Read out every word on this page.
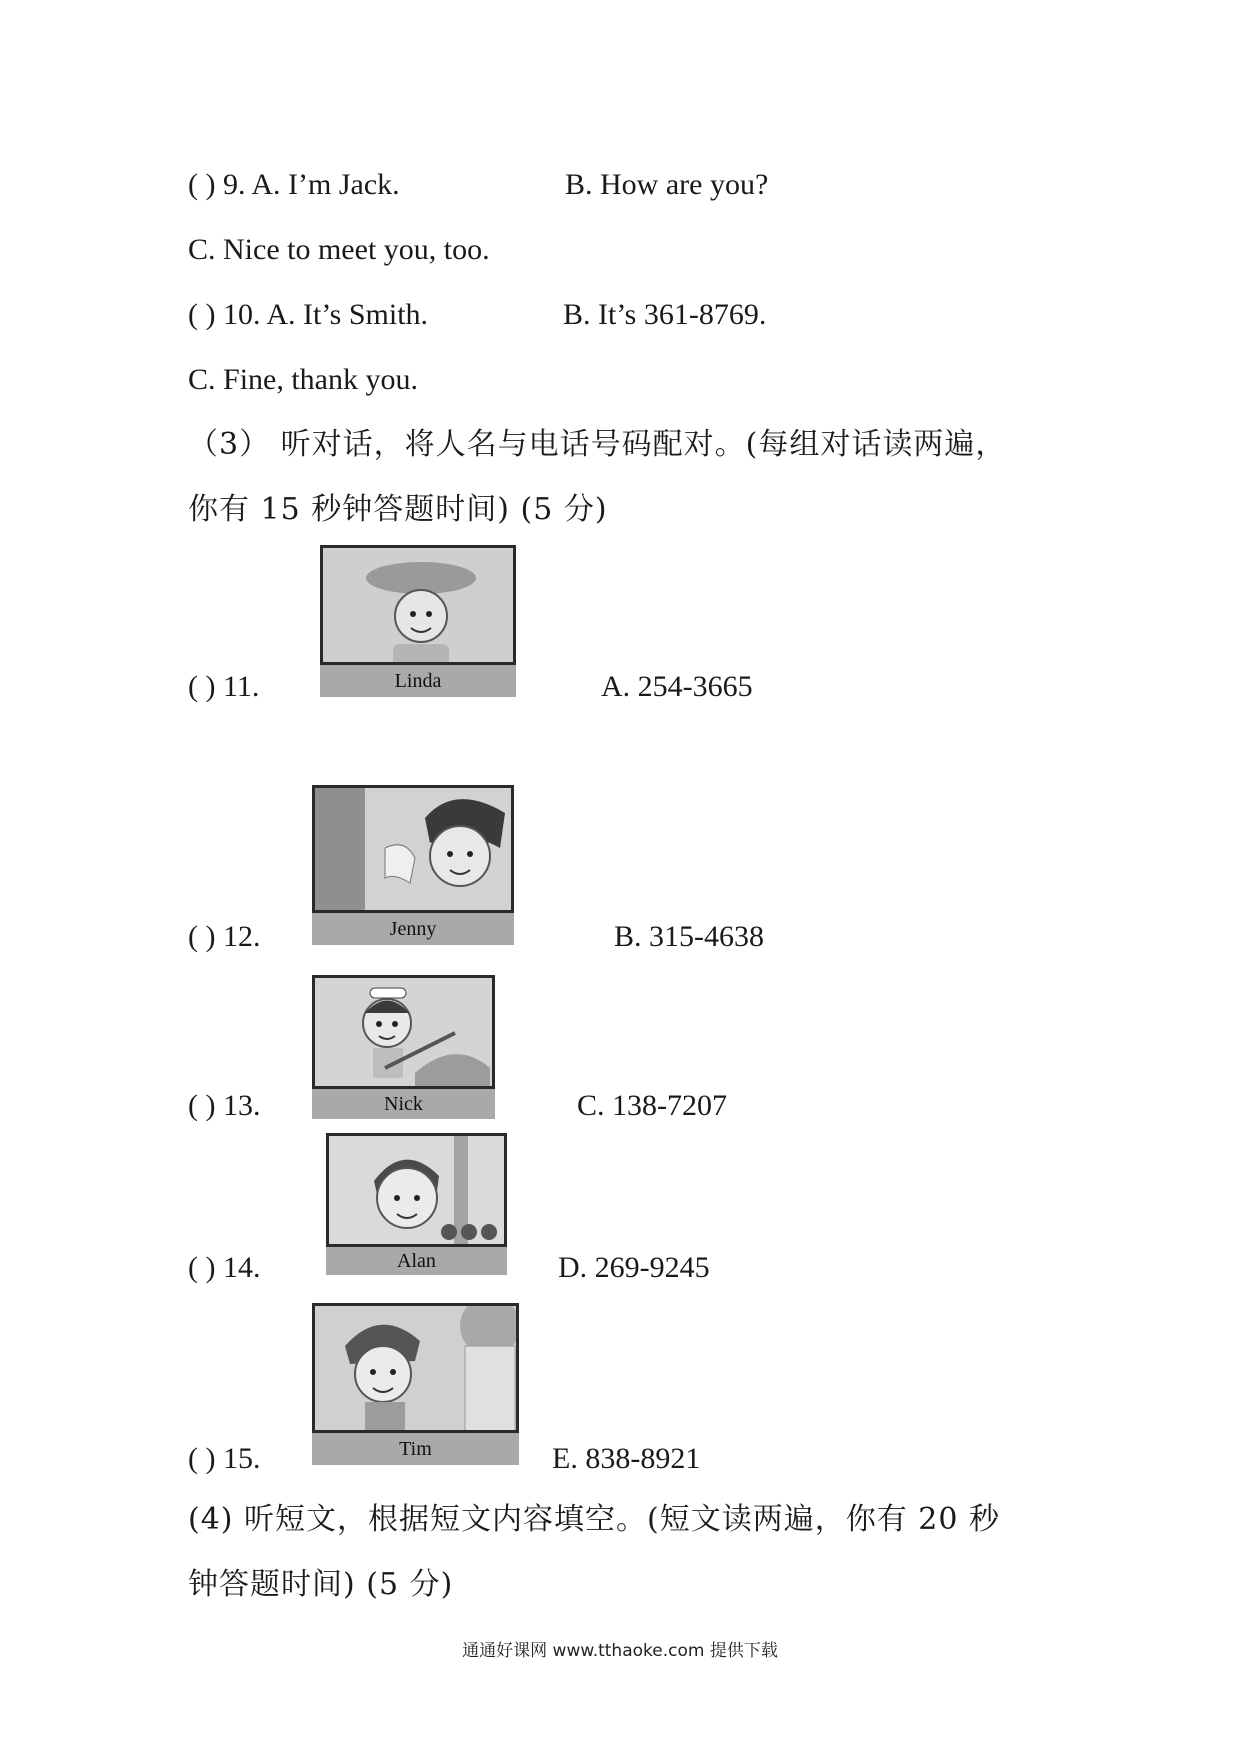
( ) 9. A. I’m Jack.	B. How are you?
C. Nice to meet you, too.
( ) 10. A. It’s Smith.	B. It’s 361-8769.
C. Fine, thank you.
（3） 听对话，将人名与电话号码配对。(每组对话读两遍，
你有 15 秒钟答题时间) (5 分)
Linda
( ) 11.	A. 254-3665
Jenny
( ) 12.	B. 315-4638
Nick
( ) 13.	C. 138-7207
Alan
( ) 14.	D. 269-9245
Tim
( ) 15.	E. 838-8921
(4) 听短文，根据短文内容填空。(短文读两遍，你有 20 秒
钟答题时间) (5 分)
通通好课网 www.tthaoke.com 提供下载
